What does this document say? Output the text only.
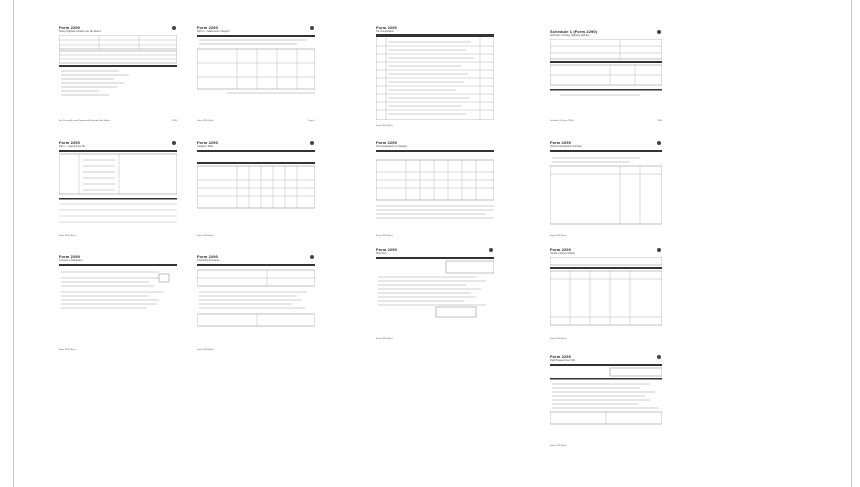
Form 2290
Heavy Highway Vehicle Use Tax Return
For Privacy Act and Paperwork Reduction Act Notice	2290
Form 2290
Part II — Statement in Support
Form 2290 (Rev.)	Page 2
Form 2290
Tax Computation
Form 2290 (Rev.)
Schedule 1 (Form 2290)
Schedule of Heavy Highway Vehicles
Schedule 1 (Form 2290)	2290
Form 2290
Part I — Figuring the Tax
Form 2290 (Rev.)
Form 2290
Category Table
Form 2290 (Rev.)
Form 2290
Tax Computation by Category
Form 2290 (Rev.)
Form 2290
Vehicle Identification Numbers
Form 2290 (Rev.)
Form 2290
Consent to Disclosure
Form 2290 (Rev.)
Form 2290
Third Party Designee
Form 2290 (Rev.)
Form 2290
Sign Here
Form 2290 (Rev.)
Form 2290
Credits / Refund Claims
Form 2290 (Rev.)
Form 2290
Paid Preparer Use Only
Form 2290 (Rev.)
